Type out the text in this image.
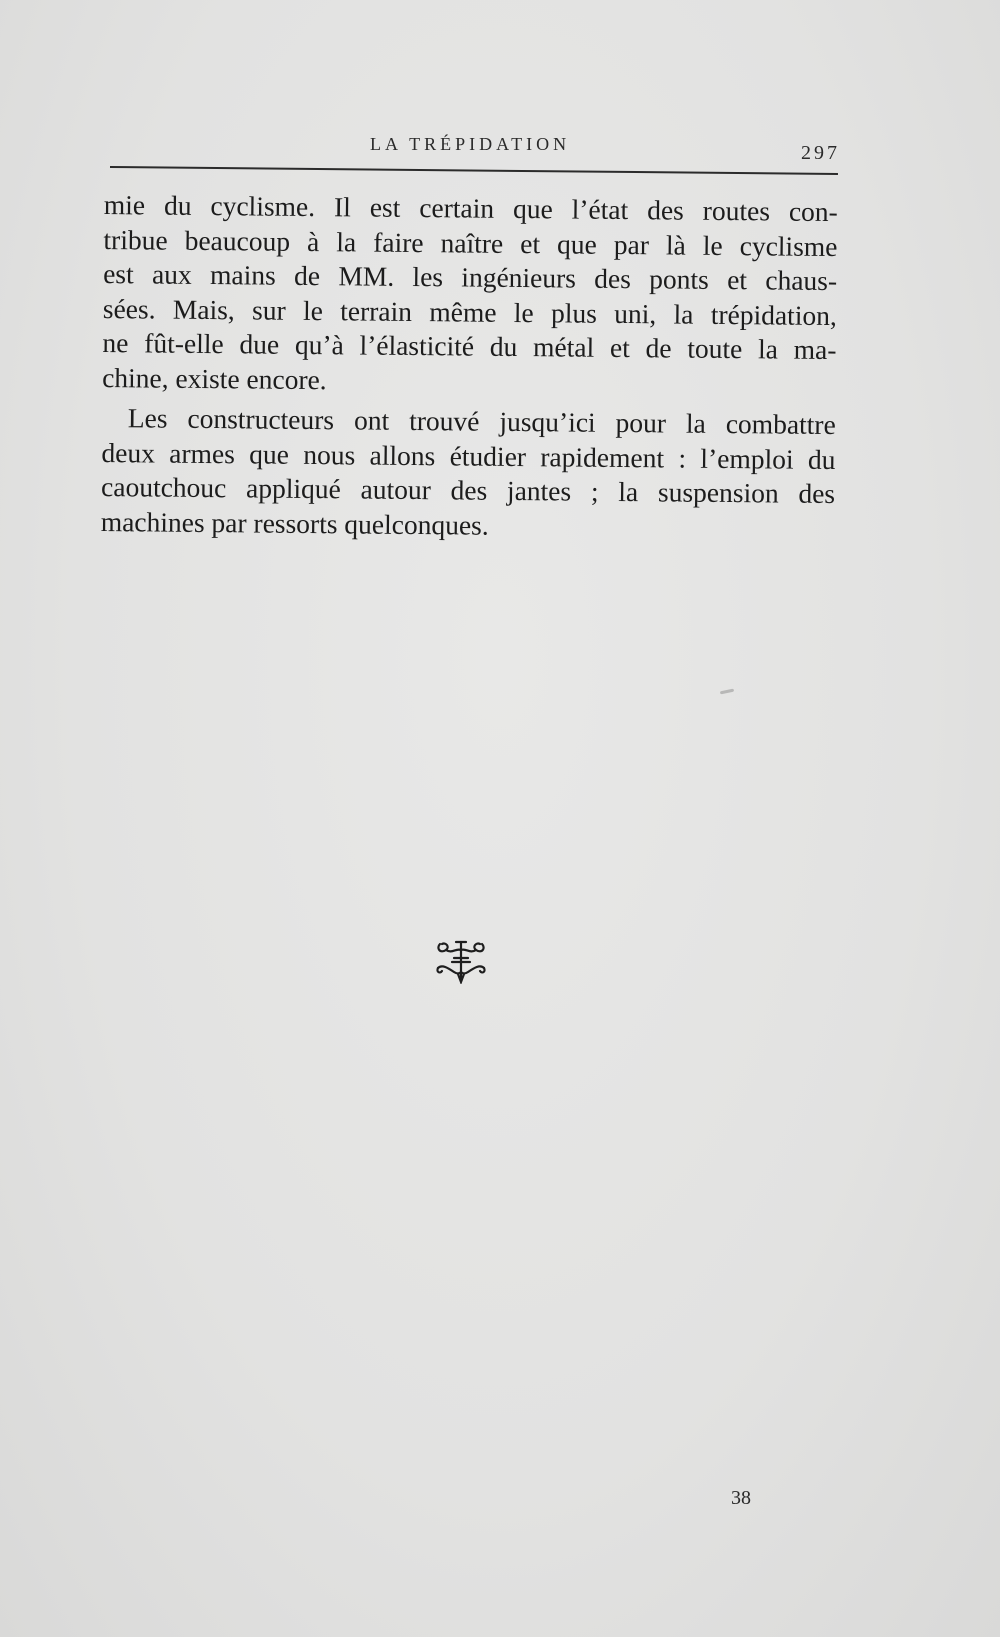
LA TRÉPIDATION	297
mie du cyclisme. Il est certain que l’état des routes con-
tribue beaucoup à la faire naître et que par là le cyclisme
est aux mains de MM. les ingénieurs des ponts et chaus-
sées. Mais, sur le terrain même le plus uni, la trépidation,
ne fût-elle due qu’à l’élasticité du métal et de toute la ma-
chine, existe encore.
Les constructeurs ont trouvé jusqu’ici pour la combattre
deux armes que nous allons étudier rapidement : l’emploi du
caoutchouc appliqué autour des jantes ; la suspension des
machines par ressorts quelconques.
38
